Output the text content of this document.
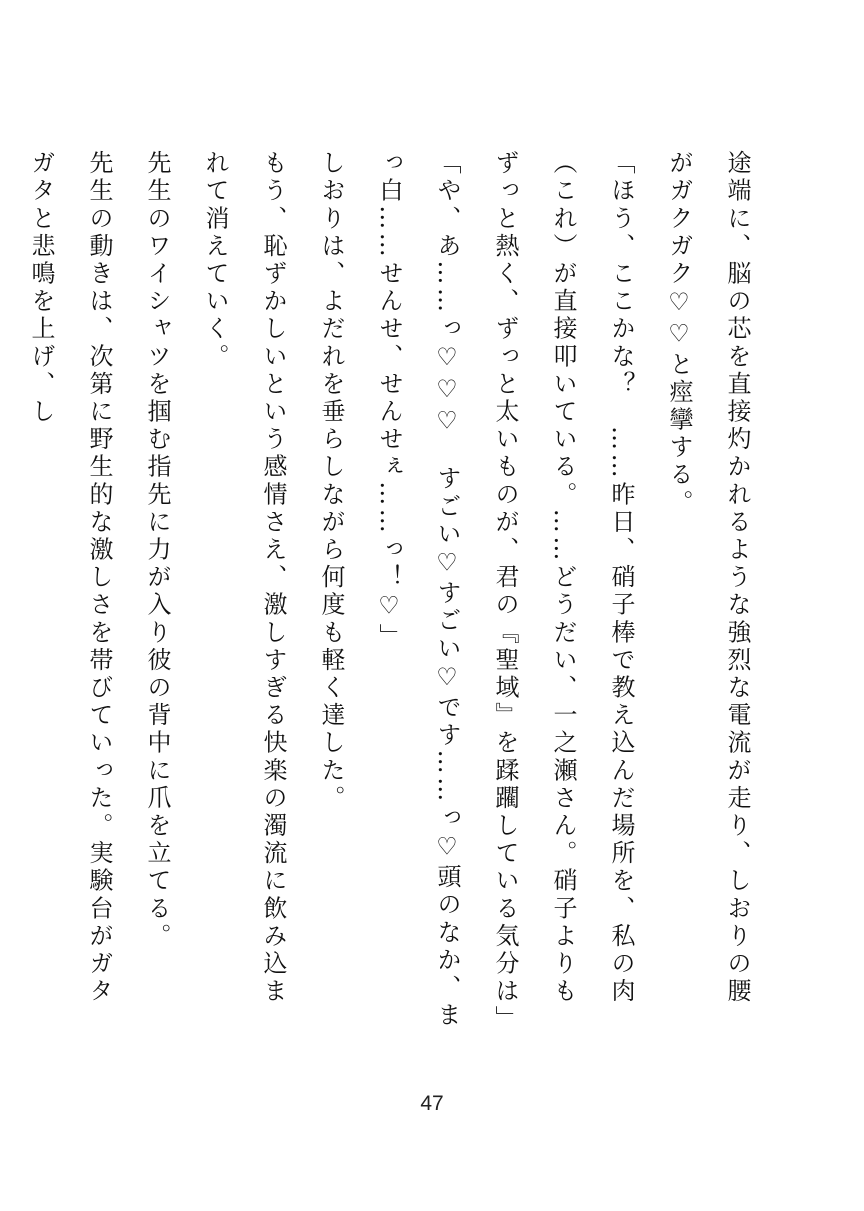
途端に、脳の芯を直接灼かれるような強烈な電流が走り、しおりの腰がガクガク♡♡と痙攣する。

「ほう、ここかな？　……昨日、硝子棒で教え込んだ場所を、私の肉（これ）が直接叩いている。……どうだい、一之瀬さん。硝子よりもずっと熱く、ずっと太いものが、君の『聖域』を蹂躙している気分は」

「や、あ……っ♡♡♡　すごい♡すごい♡です……っ♡頭のなか、まっ白……せんせ、せんせぇ……っ！♡」

しおりは、よだれを垂らしながら何度も軽く達した。

もう、恥ずかしいという感情さえ、激しすぎる快楽の濁流に飲み込まれて消えていく。

先生のワイシャツを掴む指先に力が入り彼の背中に爪を立てる。

先生の動きは、次第に野生的な激しさを帯びていった。実験台がガタガタと悲鳴を上げ、し

47
